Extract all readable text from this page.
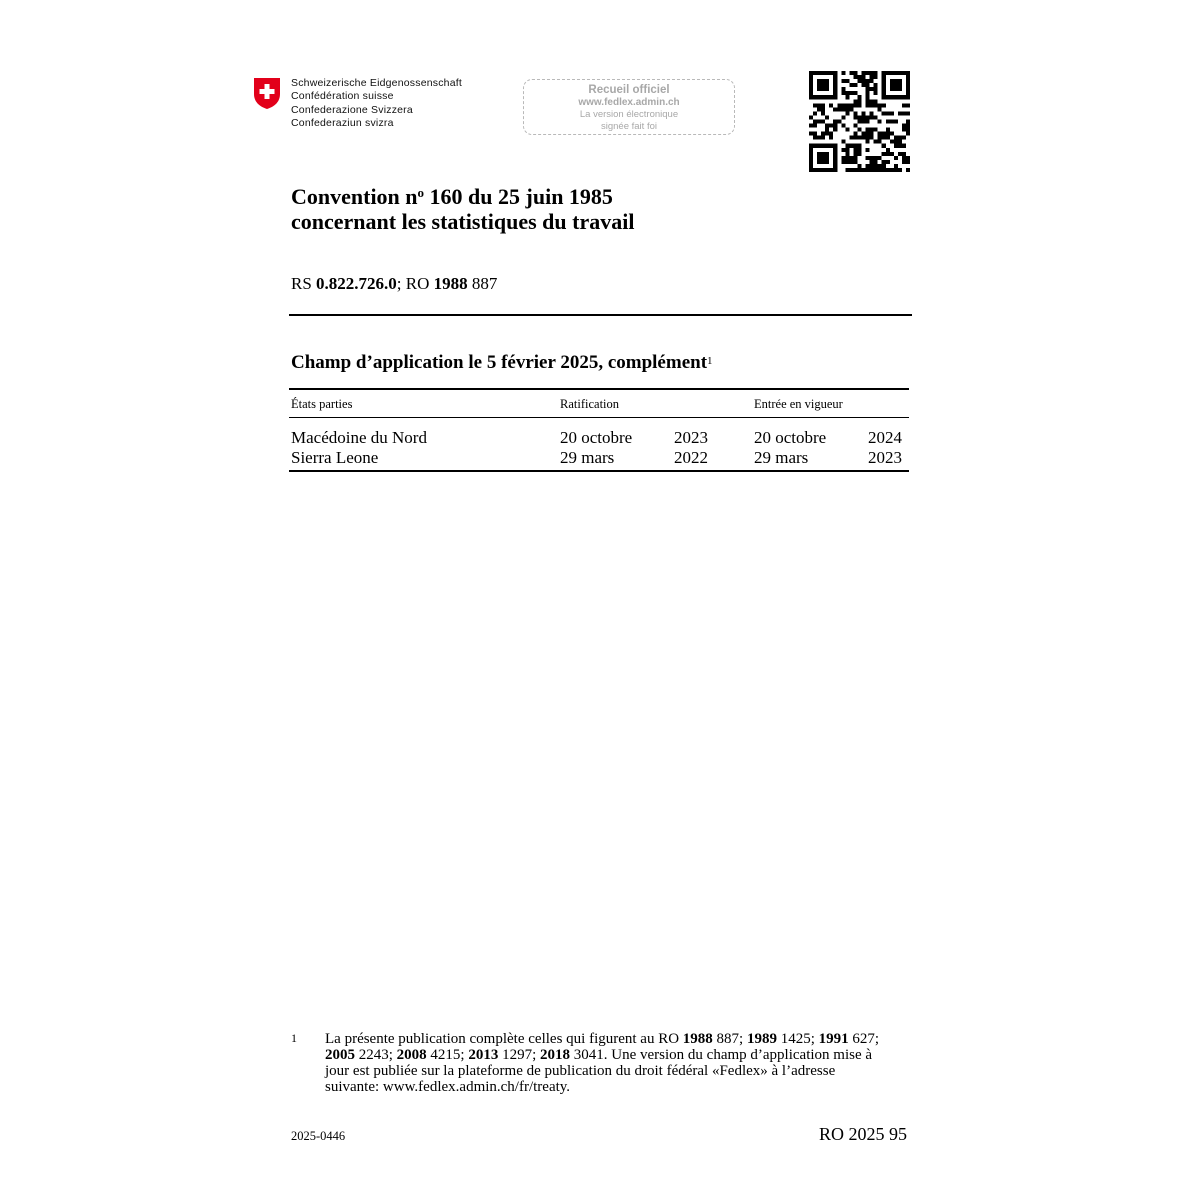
Schweizerische Eidgenossenschaft
Confédération suisse
Confederazione Svizzera
Confederaziun svizra
Recueil officiel
www.fedlex.admin.ch
La version électronique
signée fait foi
Convention $n^o$ 160 du 25 juin 1985
concernant les statistiques du travail
RS 0.822.726.0; RO 1988 887
Champ d’application le 5 février 2025, complément$^1$
États parties	Ratification	Entrée en vigueur
Macédoine du Nord	20 octobre 2023	20 octobre 2024
Sierra Leone	29 mars	2022	29 mars	2023
1 La présente publication complète celles qui figurent au RO 1988 887; 1989 1425; 1991 627; 2005 2243; 2008 4215; 2013 1297; 2018 3041. Une version du champ d’application mise à jour est publiée sur la plateforme de publication du droit fédéral «Fedlex» à l’adresse suivante: www.fedlex.admin.ch/fr/treaty.
2025-0446	RO 2025 95
